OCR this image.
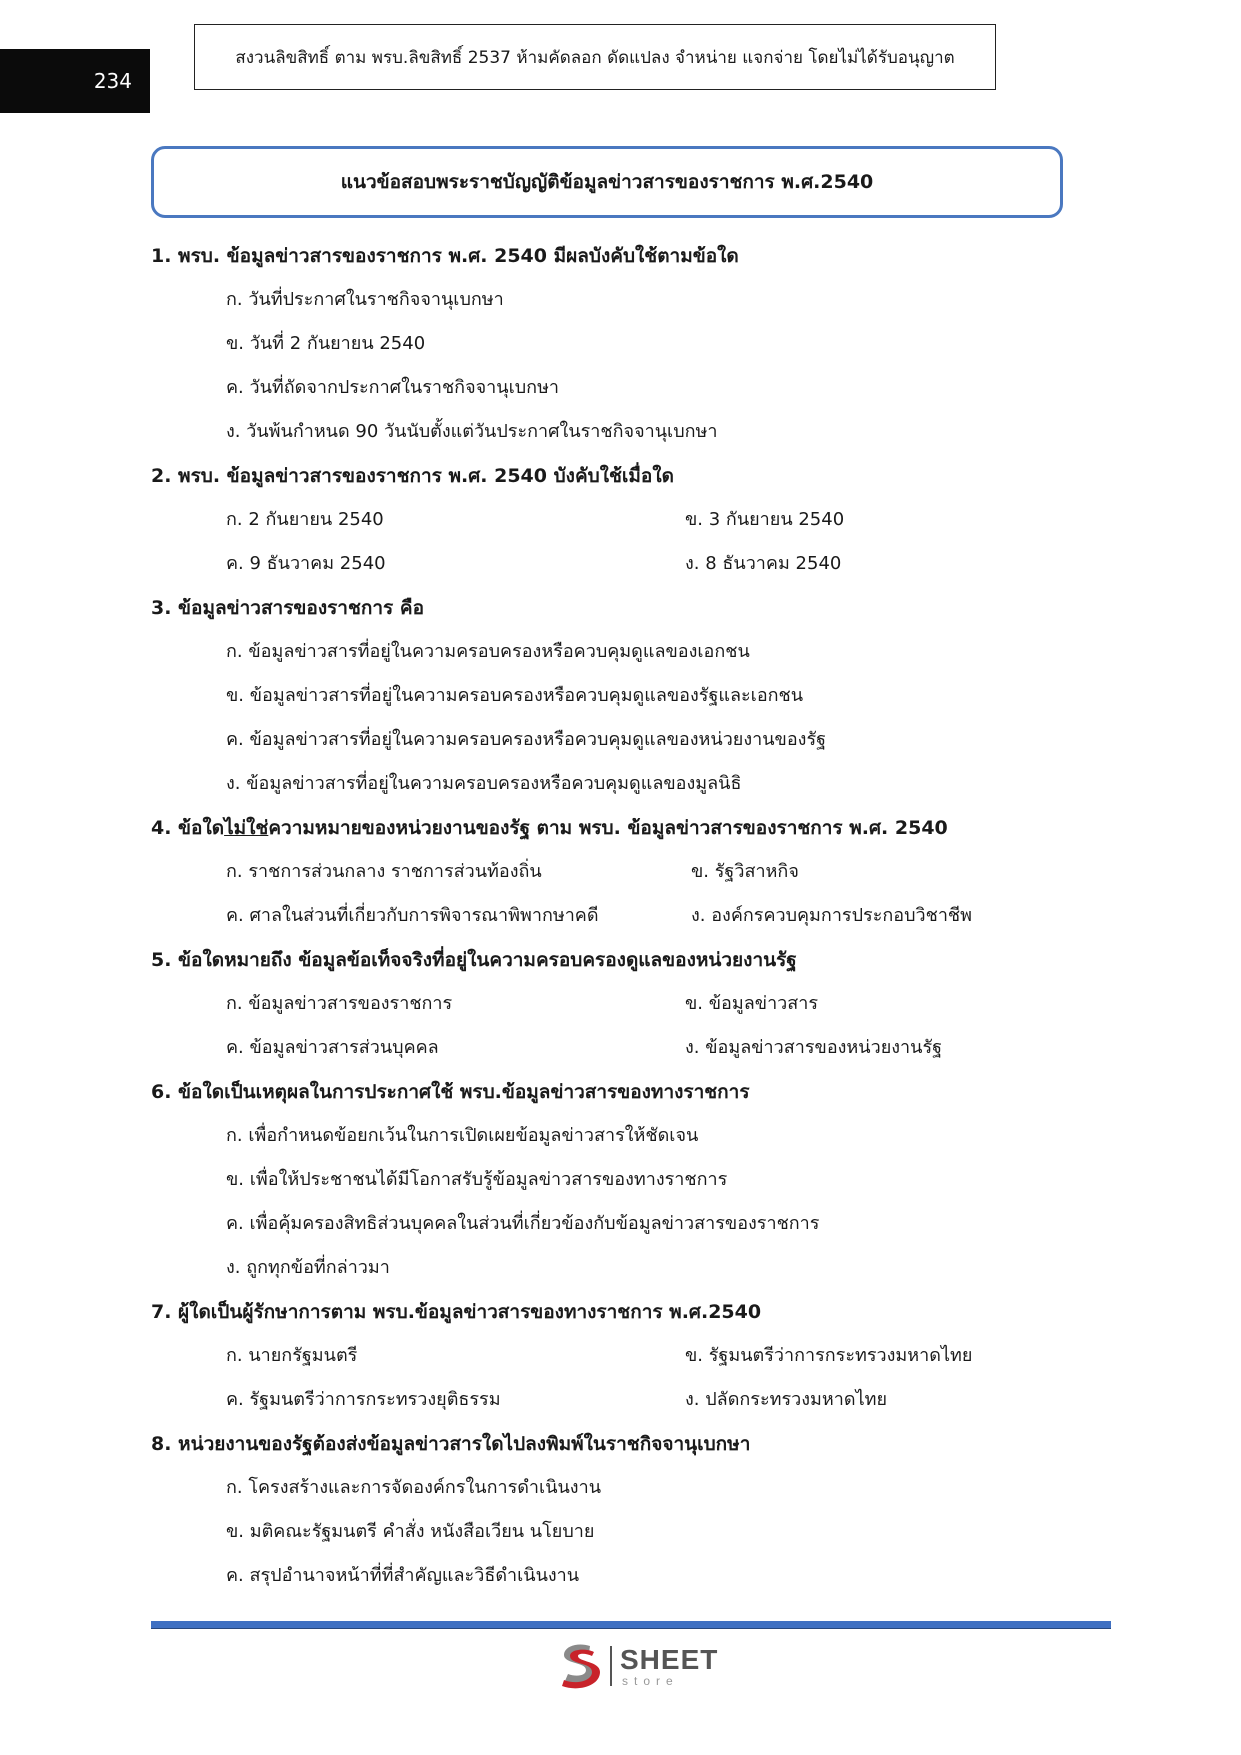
234
สงวนลิขสิทธิ์ ตาม พรบ.ลิขสิทธิ์ 2537 ห้ามคัดลอก ดัดแปลง จำหน่าย แจกจ่าย โดยไม่ได้รับอนุญาต
แนวข้อสอบพระราชบัญญัติข้อมูลข่าวสารของราชการ พ.ศ.2540
1. พรบ. ข้อมูลข่าวสารของราชการ พ.ศ. 2540 มีผลบังคับใช้ตามข้อใด
ก. วันที่ประกาศในราชกิจจานุเบกษา
ข. วันที่ 2 กันยายน 2540
ค. วันที่ถัดจากประกาศในราชกิจจานุเบกษา
ง. วันพ้นกำหนด 90 วันนับตั้งแต่วันประกาศในราชกิจจานุเบกษา
2. พรบ. ข้อมูลข่าวสารของราชการ พ.ศ. 2540 บังคับใช้เมื่อใด
ก. 2 กันยายน 2540	ข. 3 กันยายน 2540
ค. 9 ธันวาคม 2540	ง. 8 ธันวาคม 2540
3. ข้อมูลข่าวสารของราชการ คือ
ก. ข้อมูลข่าวสารที่อยู่ในความครอบครองหรือควบคุมดูแลของเอกชน
ข. ข้อมูลข่าวสารที่อยู่ในความครอบครองหรือควบคุมดูแลของรัฐและเอกชน
ค. ข้อมูลข่าวสารที่อยู่ในความครอบครองหรือควบคุมดูแลของหน่วยงานของรัฐ
ง. ข้อมูลข่าวสารที่อยู่ในความครอบครองหรือควบคุมดูแลของมูลนิธิ
4. ข้อใดไม่ใช่ความหมายของหน่วยงานของรัฐ ตาม พรบ. ข้อมูลข่าวสารของราชการ พ.ศ. 2540
ก. ราชการส่วนกลาง ราชการส่วนท้องถิ่น	ข. รัฐวิสาหกิจ
ค. ศาลในส่วนที่เกี่ยวกับการพิจารณาพิพากษาคดี	ง. องค์กรควบคุมการประกอบวิชาชีพ
5. ข้อใดหมายถึง ข้อมูลข้อเท็จจริงที่อยู่ในความครอบครองดูแลของหน่วยงานรัฐ
ก. ข้อมูลข่าวสารของราชการ	ข. ข้อมูลข่าวสาร
ค. ข้อมูลข่าวสารส่วนบุคคล	ง. ข้อมูลข่าวสารของหน่วยงานรัฐ
6. ข้อใดเป็นเหตุผลในการประกาศใช้ พรบ.ข้อมูลข่าวสารของทางราชการ
ก. เพื่อกำหนดข้อยกเว้นในการเปิดเผยข้อมูลข่าวสารให้ชัดเจน
ข. เพื่อให้ประชาชนได้มีโอกาสรับรู้ข้อมูลข่าวสารของทางราชการ
ค. เพื่อคุ้มครองสิทธิส่วนบุคคลในส่วนที่เกี่ยวข้องกับข้อมูลข่าวสารของราชการ
ง. ถูกทุกข้อที่กล่าวมา
7. ผู้ใดเป็นผู้รักษาการตาม พรบ.ข้อมูลข่าวสารของทางราชการ พ.ศ.2540
ก. นายกรัฐมนตรี	ข. รัฐมนตรีว่าการกระทรวงมหาดไทย
ค. รัฐมนตรีว่าการกระทรวงยุติธรรม	ง. ปลัดกระทรวงมหาดไทย
8. หน่วยงานของรัฐต้องส่งข้อมูลข่าวสารใดไปลงพิมพ์ในราชกิจจานุเบกษา
ก. โครงสร้างและการจัดองค์กรในการดำเนินงาน
ข. มติคณะรัฐมนตรี คำสั่ง หนังสือเวียน นโยบาย
ค. สรุปอำนาจหน้าที่ที่สำคัญและวิธีดำเนินงาน
SHEET
store
